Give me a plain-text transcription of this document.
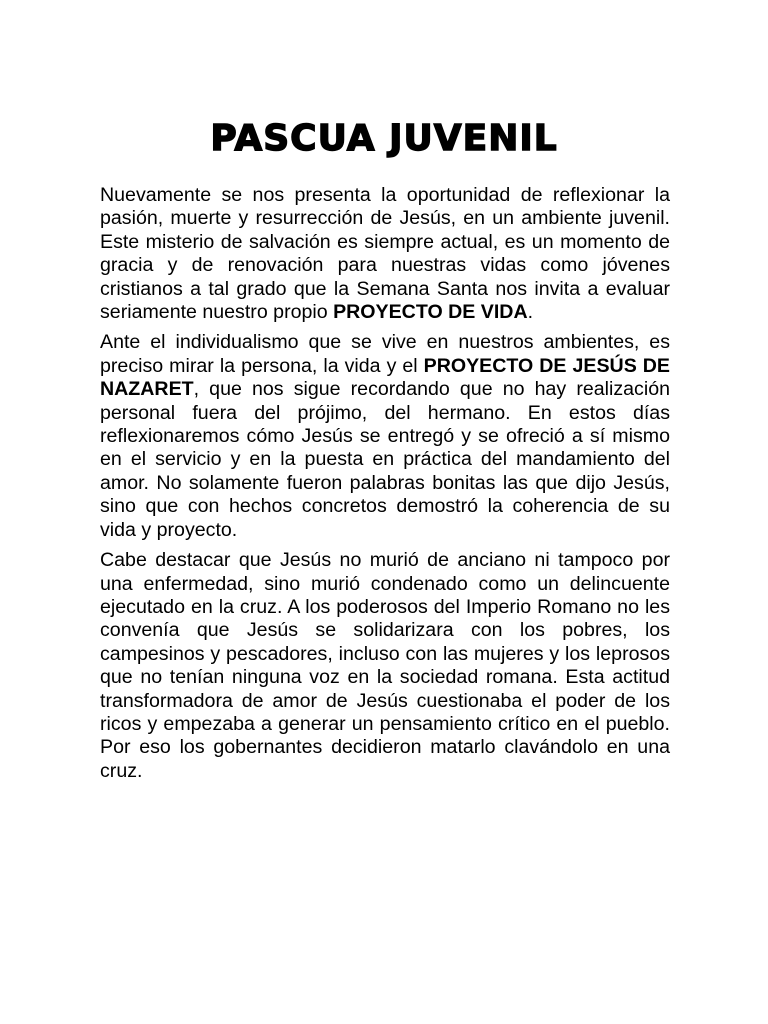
PASCUA JUVENIL

Nuevamente se nos presenta la oportunidad de reflexionar la pasión, muerte y resurrección de Jesús, en un ambiente juvenil. Este misterio de salvación es siempre actual, es un momento de gracia y de renovación para nuestras vidas como jóvenes cristianos a tal grado que la Semana Santa nos invita a evaluar seriamente nuestro propio PROYECTO DE VIDA.

Ante el individualismo que se vive en nuestros ambientes, es preciso mirar la persona, la vida y el PROYECTO DE JESÚS DE NAZARET, que nos sigue recordando que no hay realización personal fuera del prójimo, del hermano. En estos días reflexionaremos cómo Jesús se entregó y se ofreció a sí mismo en el servicio y en la puesta en práctica del mandamiento del amor. No solamente fueron palabras bonitas las que dijo Jesús, sino que con hechos concretos demostró la coherencia de su vida y proyecto.

Cabe destacar que Jesús no murió de anciano ni tampoco por una enfermedad, sino murió condenado como un delincuente ejecutado en la cruz. A los poderosos del Imperio Romano no les convenía que Jesús se solidarizara con los pobres, los campesinos y pescadores, incluso con las mujeres y los leprosos que no tenían ninguna voz en la sociedad romana. Esta actitud transformadora de amor de Jesús cuestionaba el poder de los ricos y empezaba a generar un pensamiento crítico en el pueblo. Por eso los gobernantes decidieron matarlo clavándolo en una cruz.
